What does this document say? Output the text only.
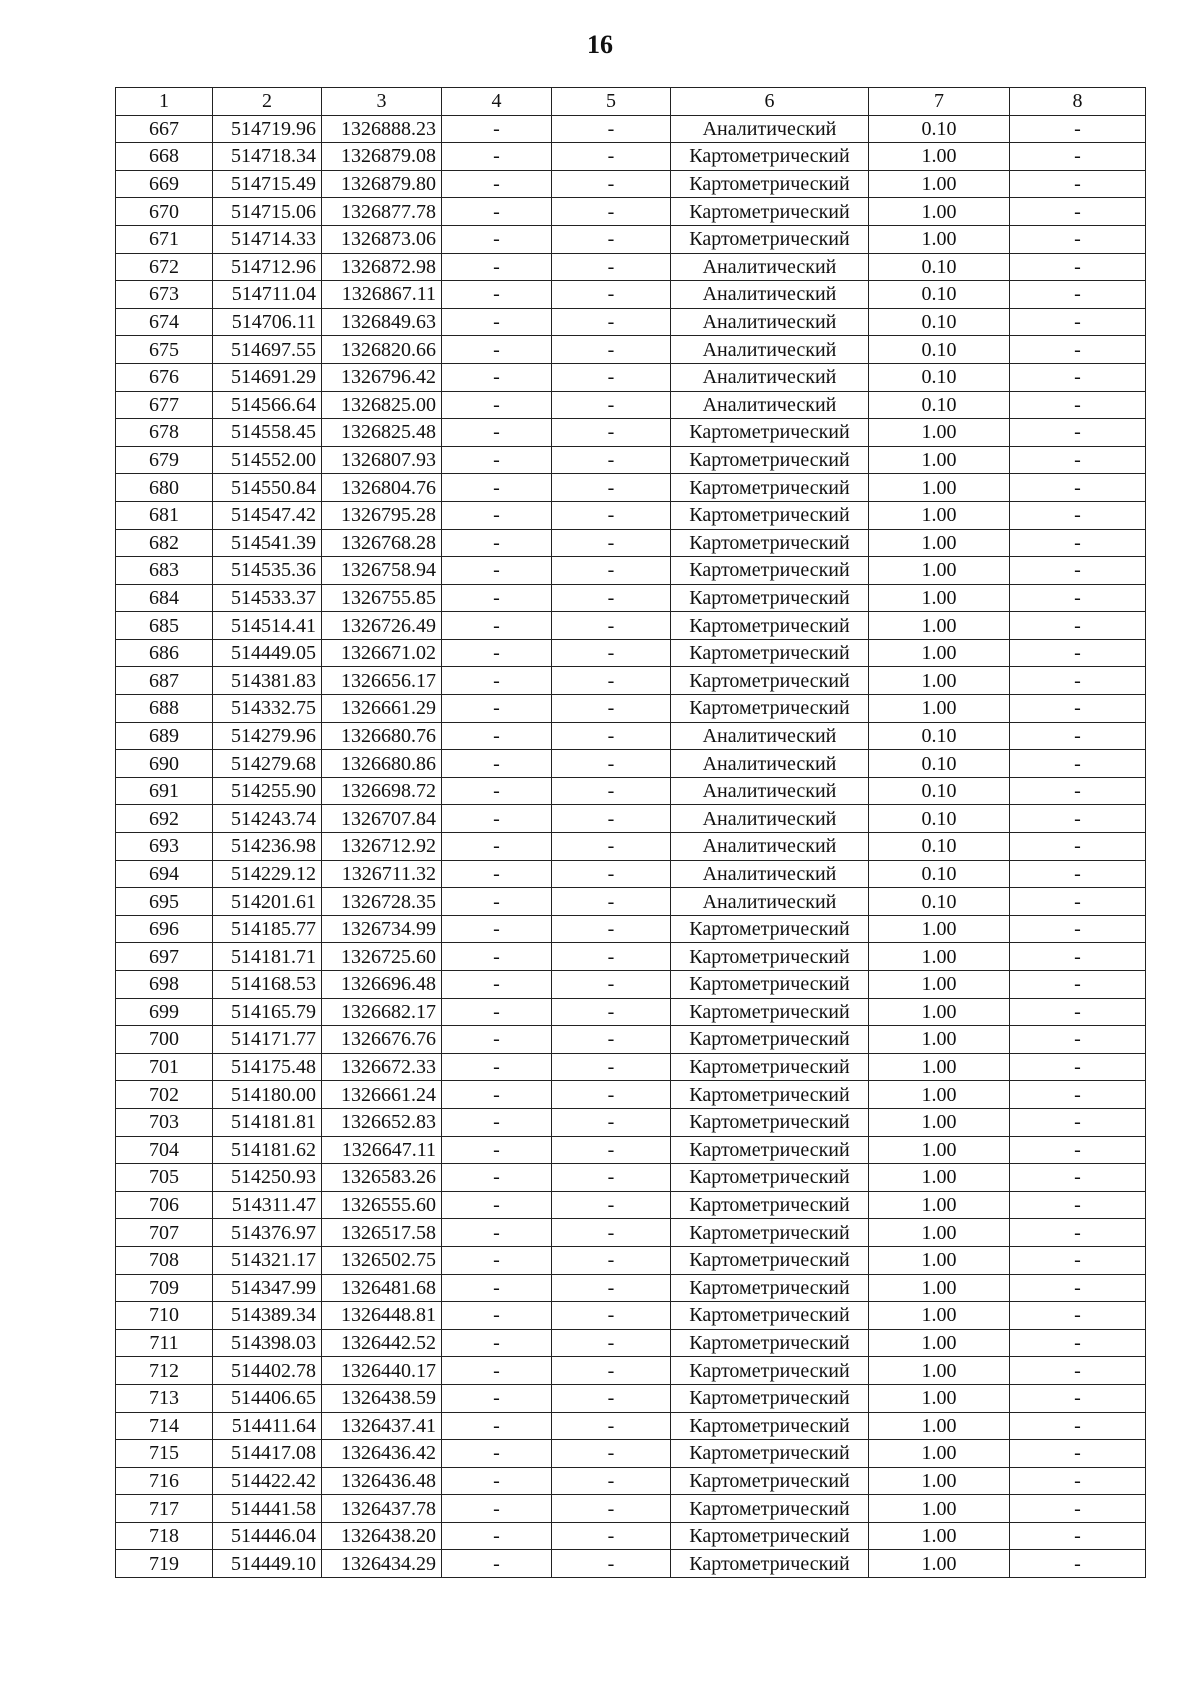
16
1	2	3	4	5	6	7	8
667	514719.96	1326888.23	-	-	Аналитический	0.10	-
668	514718.34	1326879.08	-	-	Картометрический	1.00	-
669	514715.49	1326879.80	-	-	Картометрический	1.00	-
670	514715.06	1326877.78	-	-	Картометрический	1.00	-
671	514714.33	1326873.06	-	-	Картометрический	1.00	-
672	514712.96	1326872.98	-	-	Аналитический	0.10	-
673	514711.04	1326867.11	-	-	Аналитический	0.10	-
674	514706.11	1326849.63	-	-	Аналитический	0.10	-
675	514697.55	1326820.66	-	-	Аналитический	0.10	-
676	514691.29	1326796.42	-	-	Аналитический	0.10	-
677	514566.64	1326825.00	-	-	Аналитический	0.10	-
678	514558.45	1326825.48	-	-	Картометрический	1.00	-
679	514552.00	1326807.93	-	-	Картометрический	1.00	-
680	514550.84	1326804.76	-	-	Картометрический	1.00	-
681	514547.42	1326795.28	-	-	Картометрический	1.00	-
682	514541.39	1326768.28	-	-	Картометрический	1.00	-
683	514535.36	1326758.94	-	-	Картометрический	1.00	-
684	514533.37	1326755.85	-	-	Картометрический	1.00	-
685	514514.41	1326726.49	-	-	Картометрический	1.00	-
686	514449.05	1326671.02	-	-	Картометрический	1.00	-
687	514381.83	1326656.17	-	-	Картометрический	1.00	-
688	514332.75	1326661.29	-	-	Картометрический	1.00	-
689	514279.96	1326680.76	-	-	Аналитический	0.10	-
690	514279.68	1326680.86	-	-	Аналитический	0.10	-
691	514255.90	1326698.72	-	-	Аналитический	0.10	-
692	514243.74	1326707.84	-	-	Аналитический	0.10	-
693	514236.98	1326712.92	-	-	Аналитический	0.10	-
694	514229.12	1326711.32	-	-	Аналитический	0.10	-
695	514201.61	1326728.35	-	-	Аналитический	0.10	-
696	514185.77	1326734.99	-	-	Картометрический	1.00	-
697	514181.71	1326725.60	-	-	Картометрический	1.00	-
698	514168.53	1326696.48	-	-	Картометрический	1.00	-
699	514165.79	1326682.17	-	-	Картометрический	1.00	-
700	514171.77	1326676.76	-	-	Картометрический	1.00	-
701	514175.48	1326672.33	-	-	Картометрический	1.00	-
702	514180.00	1326661.24	-	-	Картометрический	1.00	-
703	514181.81	1326652.83	-	-	Картометрический	1.00	-
704	514181.62	1326647.11	-	-	Картометрический	1.00	-
705	514250.93	1326583.26	-	-	Картометрический	1.00	-
706	514311.47	1326555.60	-	-	Картометрический	1.00	-
707	514376.97	1326517.58	-	-	Картометрический	1.00	-
708	514321.17	1326502.75	-	-	Картометрический	1.00	-
709	514347.99	1326481.68	-	-	Картометрический	1.00	-
710	514389.34	1326448.81	-	-	Картометрический	1.00	-
711	514398.03	1326442.52	-	-	Картометрический	1.00	-
712	514402.78	1326440.17	-	-	Картометрический	1.00	-
713	514406.65	1326438.59	-	-	Картометрический	1.00	-
714	514411.64	1326437.41	-	-	Картометрический	1.00	-
715	514417.08	1326436.42	-	-	Картометрический	1.00	-
716	514422.42	1326436.48	-	-	Картометрический	1.00	-
717	514441.58	1326437.78	-	-	Картометрический	1.00	-
718	514446.04	1326438.20	-	-	Картометрический	1.00	-
719	514449.10	1326434.29	-	-	Картометрический	1.00	-
